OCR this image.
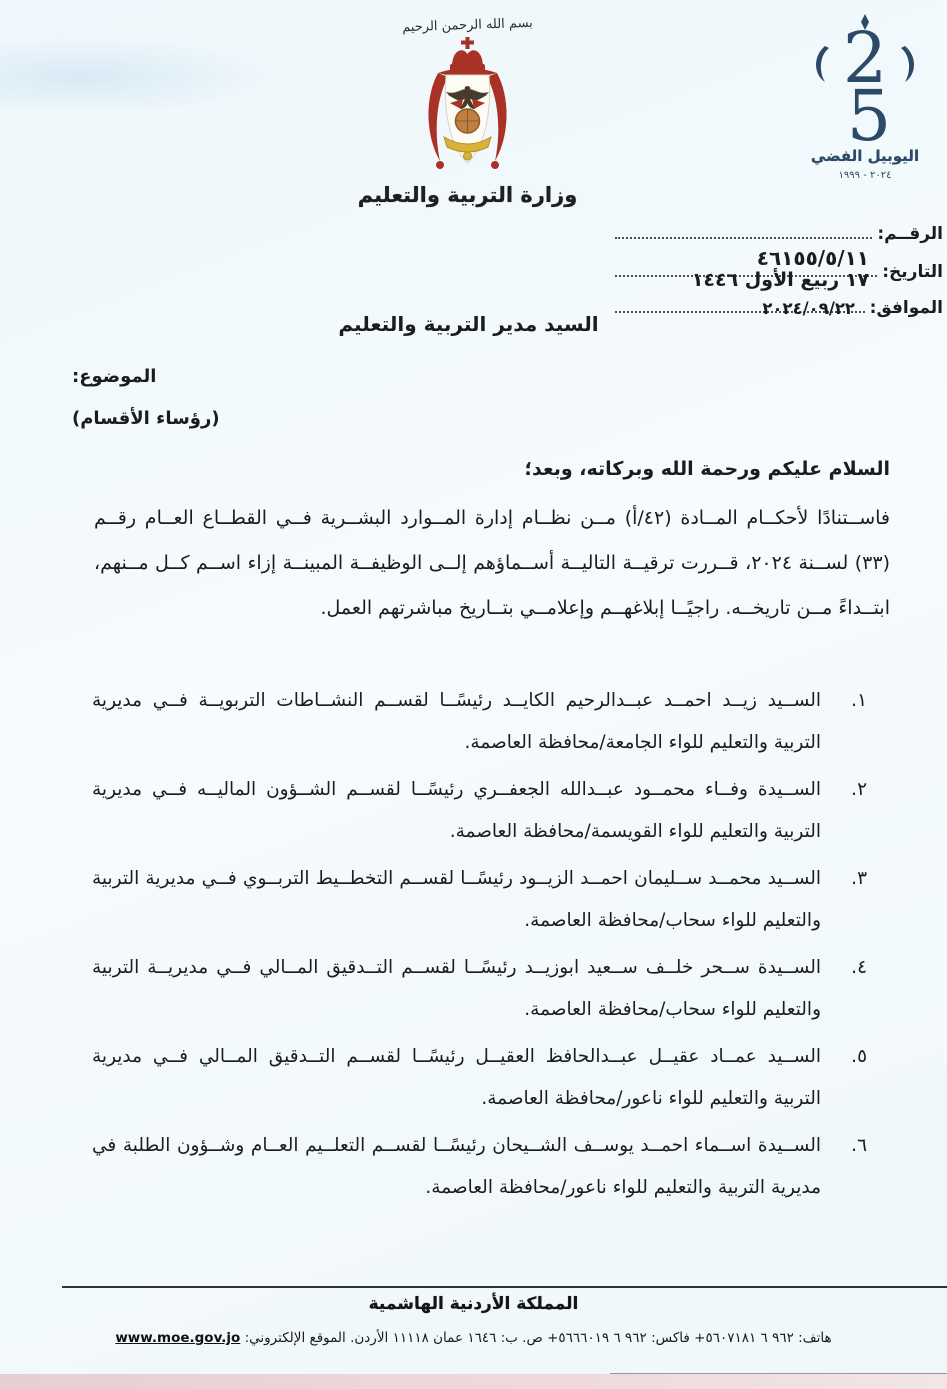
بسم الله الرحمن الرحيم
وزارة التربية والتعليم
2
5
اليوبيل الفضي
٢٠٢٤ - ١٩٩٩
الرقــم:
التاريخ:
الموافق:
٤٦١٥٥/٥/١١
١٧ ربيع الأول ١٤٤٦
٢٠٢٤/٠٩/٢٢
السيد مدير التربية والتعليم
الموضوع:
(رؤساء الأقسام)
السلام عليكم ورحمة الله وبركاته، وبعد؛
فاســتنادًا لأحكــام المــادة (٤٢/أ) مــن نظــام إدارة المــوارد البشــرية فــي القطــاع العــام رقــم (٣٣) لســنة ٢٠٢٤، قــررت ترقيــة التاليــة أســماؤهم إلــى الوظيفــة المبينــة إزاء اســم كــل مــنهم، ابتــداءً مــن تاريخــه. راجيًــا إبلاغهــم وإعلامــي بتــاريخ مباشرتهم العمل.
١.
الســيد زيــد احمــد عبــدالرحيم الكايــد رئيسًــا لقســم النشــاطات التربويــة فــي مديرية التربية والتعليم للواء الجامعة/محافظة العاصمة.
٢.
الســيدة وفــاء محمــود عبــدالله الجعفــري رئيسًــا لقســم الشــؤون الماليــه فــي مديرية التربية والتعليم للواء القويسمة/محافظة العاصمة.
٣.
الســيد محمــد ســليمان احمــد الزيــود رئيسًــا لقســم التخطــيط التربــوي فــي مديرية التربية والتعليم للواء سحاب/محافظة العاصمة.
٤.
الســيدة ســحر خلــف ســعيد ابوزيــد رئيسًــا لقســم التــدقيق المــالي فــي مديريــة التربية والتعليم للواء سحاب/محافظة العاصمة.
٥.
الســيد عمــاد عقيــل عبــدالحافظ العقيــل رئيسًــا لقســم التــدقيق المــالي فــي مديرية التربية والتعليم للواء ناعور/محافظة العاصمة.
٦.
الســيدة اســماء احمــد يوســف الشــيحان رئيسًــا لقســم التعلــيم العــام وشــؤون الطلبة في مديرية التربية والتعليم للواء ناعور/محافظة العاصمة.
المملكة الأردنية الهاشمية
هاتف: +٩٦٢ ٦ ٥٦٠٧١٨١ فاكس: +٩٦٢ ٦ ٥٦٦٦٠١٩ ص. ب: ١٦٤٦ عمان ١١١١٨ الأردن. الموقع الإلكتروني: www.moe.gov.jo
